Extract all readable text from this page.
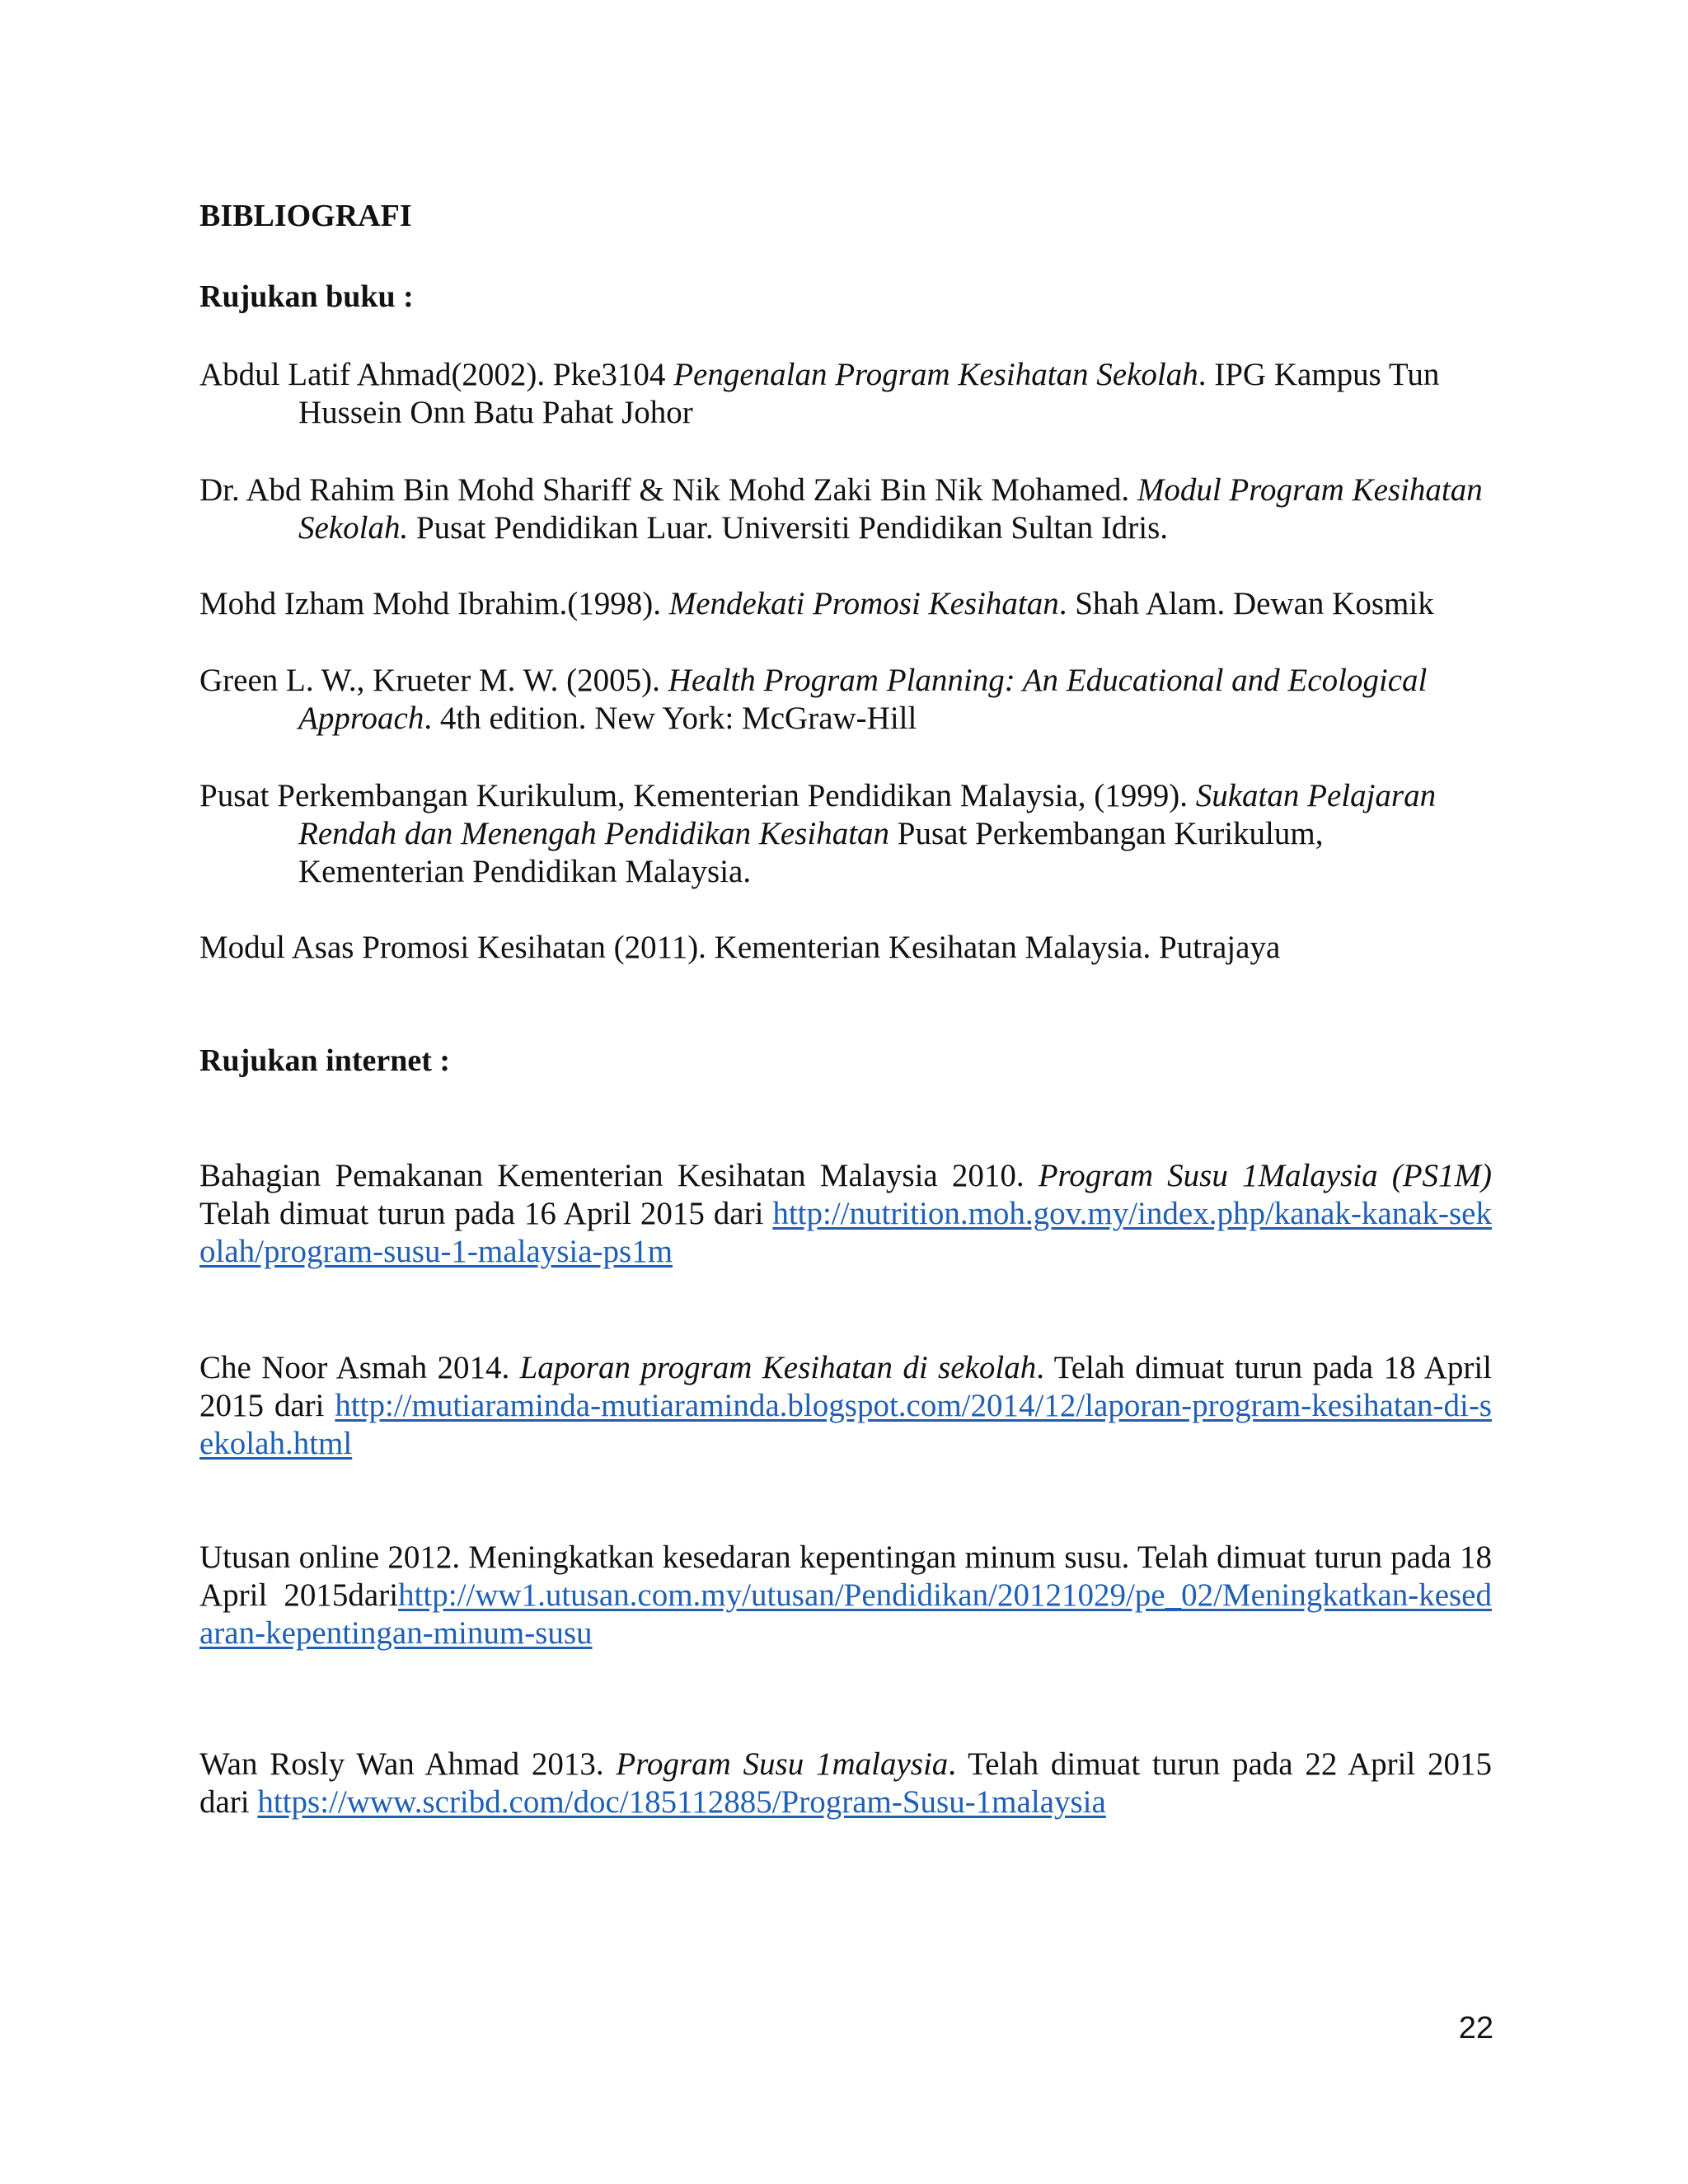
BIBLIOGRAFI
Rujukan buku :

Abdul Latif Ahmad(2002). Pke3104 Pengenalan Program Kesihatan Sekolah. IPG Kampus Tun Hussein Onn Batu Pahat Johor

Dr. Abd Rahim Bin Mohd Shariff & Nik Mohd Zaki Bin Nik Mohamed. Modul Program Kesihatan Sekolah. Pusat Pendidikan Luar. Universiti Pendidikan Sultan Idris.

Mohd Izham Mohd Ibrahim.(1998). Mendekati Promosi Kesihatan. Shah Alam. Dewan Kosmik

Green L. W., Krueter M. W. (2005). Health Program Planning: An Educational and Ecological Approach. 4th edition. New York: McGraw-Hill

Pusat Perkembangan Kurikulum, Kementerian Pendidikan Malaysia, (1999). Sukatan Pelajaran Rendah dan Menengah Pendidikan Kesihatan Pusat Perkembangan Kurikulum, Kementerian Pendidikan Malaysia.

Modul Asas Promosi Kesihatan (2011). Kementerian Kesihatan Malaysia. Putrajaya

Rujukan internet :

Bahagian Pemakanan Kementerian Kesihatan Malaysia 2010. Program Susu 1Malaysia (PS1M) Telah dimuat turun pada 16 April 2015 dari http://nutrition.moh.gov.my/index.php/kanak-kanak-sekolah/program-susu-1-malaysia-ps1m

Che Noor Asmah 2014. Laporan program Kesihatan di sekolah. Telah dimuat turun pada 18 April 2015 dari http://mutiaraminda-mutiaraminda.blogspot.com/2014/12/laporan-program-kesihatan-di-sekolah.html

Utusan online 2012. Meningkatkan kesedaran kepentingan minum susu. Telah dimuat turun pada 18 April 2015darihttp://ww1.utusan.com.my/utusan/Pendidikan/20121029/pe_02/Meningkatkan-kesedaran-kepentingan-minum-susu

Wan Rosly Wan Ahmad 2013. Program Susu 1malaysia. Telah dimuat turun pada 22 April 2015 dari https://www.scribd.com/doc/185112885/Program-Susu-1malaysia

22
